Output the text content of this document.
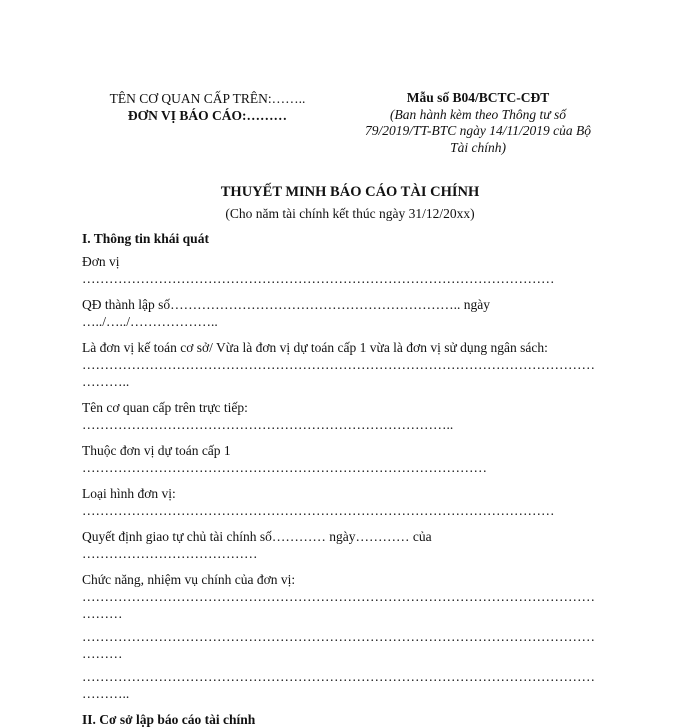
TÊN CƠ QUAN CẤP TRÊN:……..
ĐƠN VỊ BÁO CÁO:………
Mẫu số B04/BCTC-CĐT
(Ban hành kèm theo Thông tư số 79/2019/TT-BTC ngày 14/11/2019 của Bộ Tài chính)
THUYẾT MINH BÁO CÁO TÀI CHÍNH
(Cho năm tài chính kết thúc ngày 31/12/20xx)
I. Thông tin khái quát
Đơn vị
……………………………………………………………………………………………
QĐ thành lập số……………………………………………………….. ngày
…../…../………………..
Là đơn vị kế toán cơ sở/ Vừa là đơn vị dự toán cấp 1 vừa là đơn vị sử dụng ngân sách:
……………………………………………………………………………………………………
………..
Tên cơ quan cấp trên trực tiếp:
………………………………………………………………………..
Thuộc đơn vị dự toán cấp 1
………………………………………………………………………………
Loại hình đơn vị:
……………………………………………………………………………………………
Quyết định giao tự chủ tài chính số………… ngày………… của
…………………………………
Chức năng, nhiệm vụ chính của đơn vị:
……………………………………………………………………………………………………
………
……………………………………………………………………………………………………
………
……………………………………………………………………………………………………
………..
II. Cơ sở lập báo cáo tài chính
